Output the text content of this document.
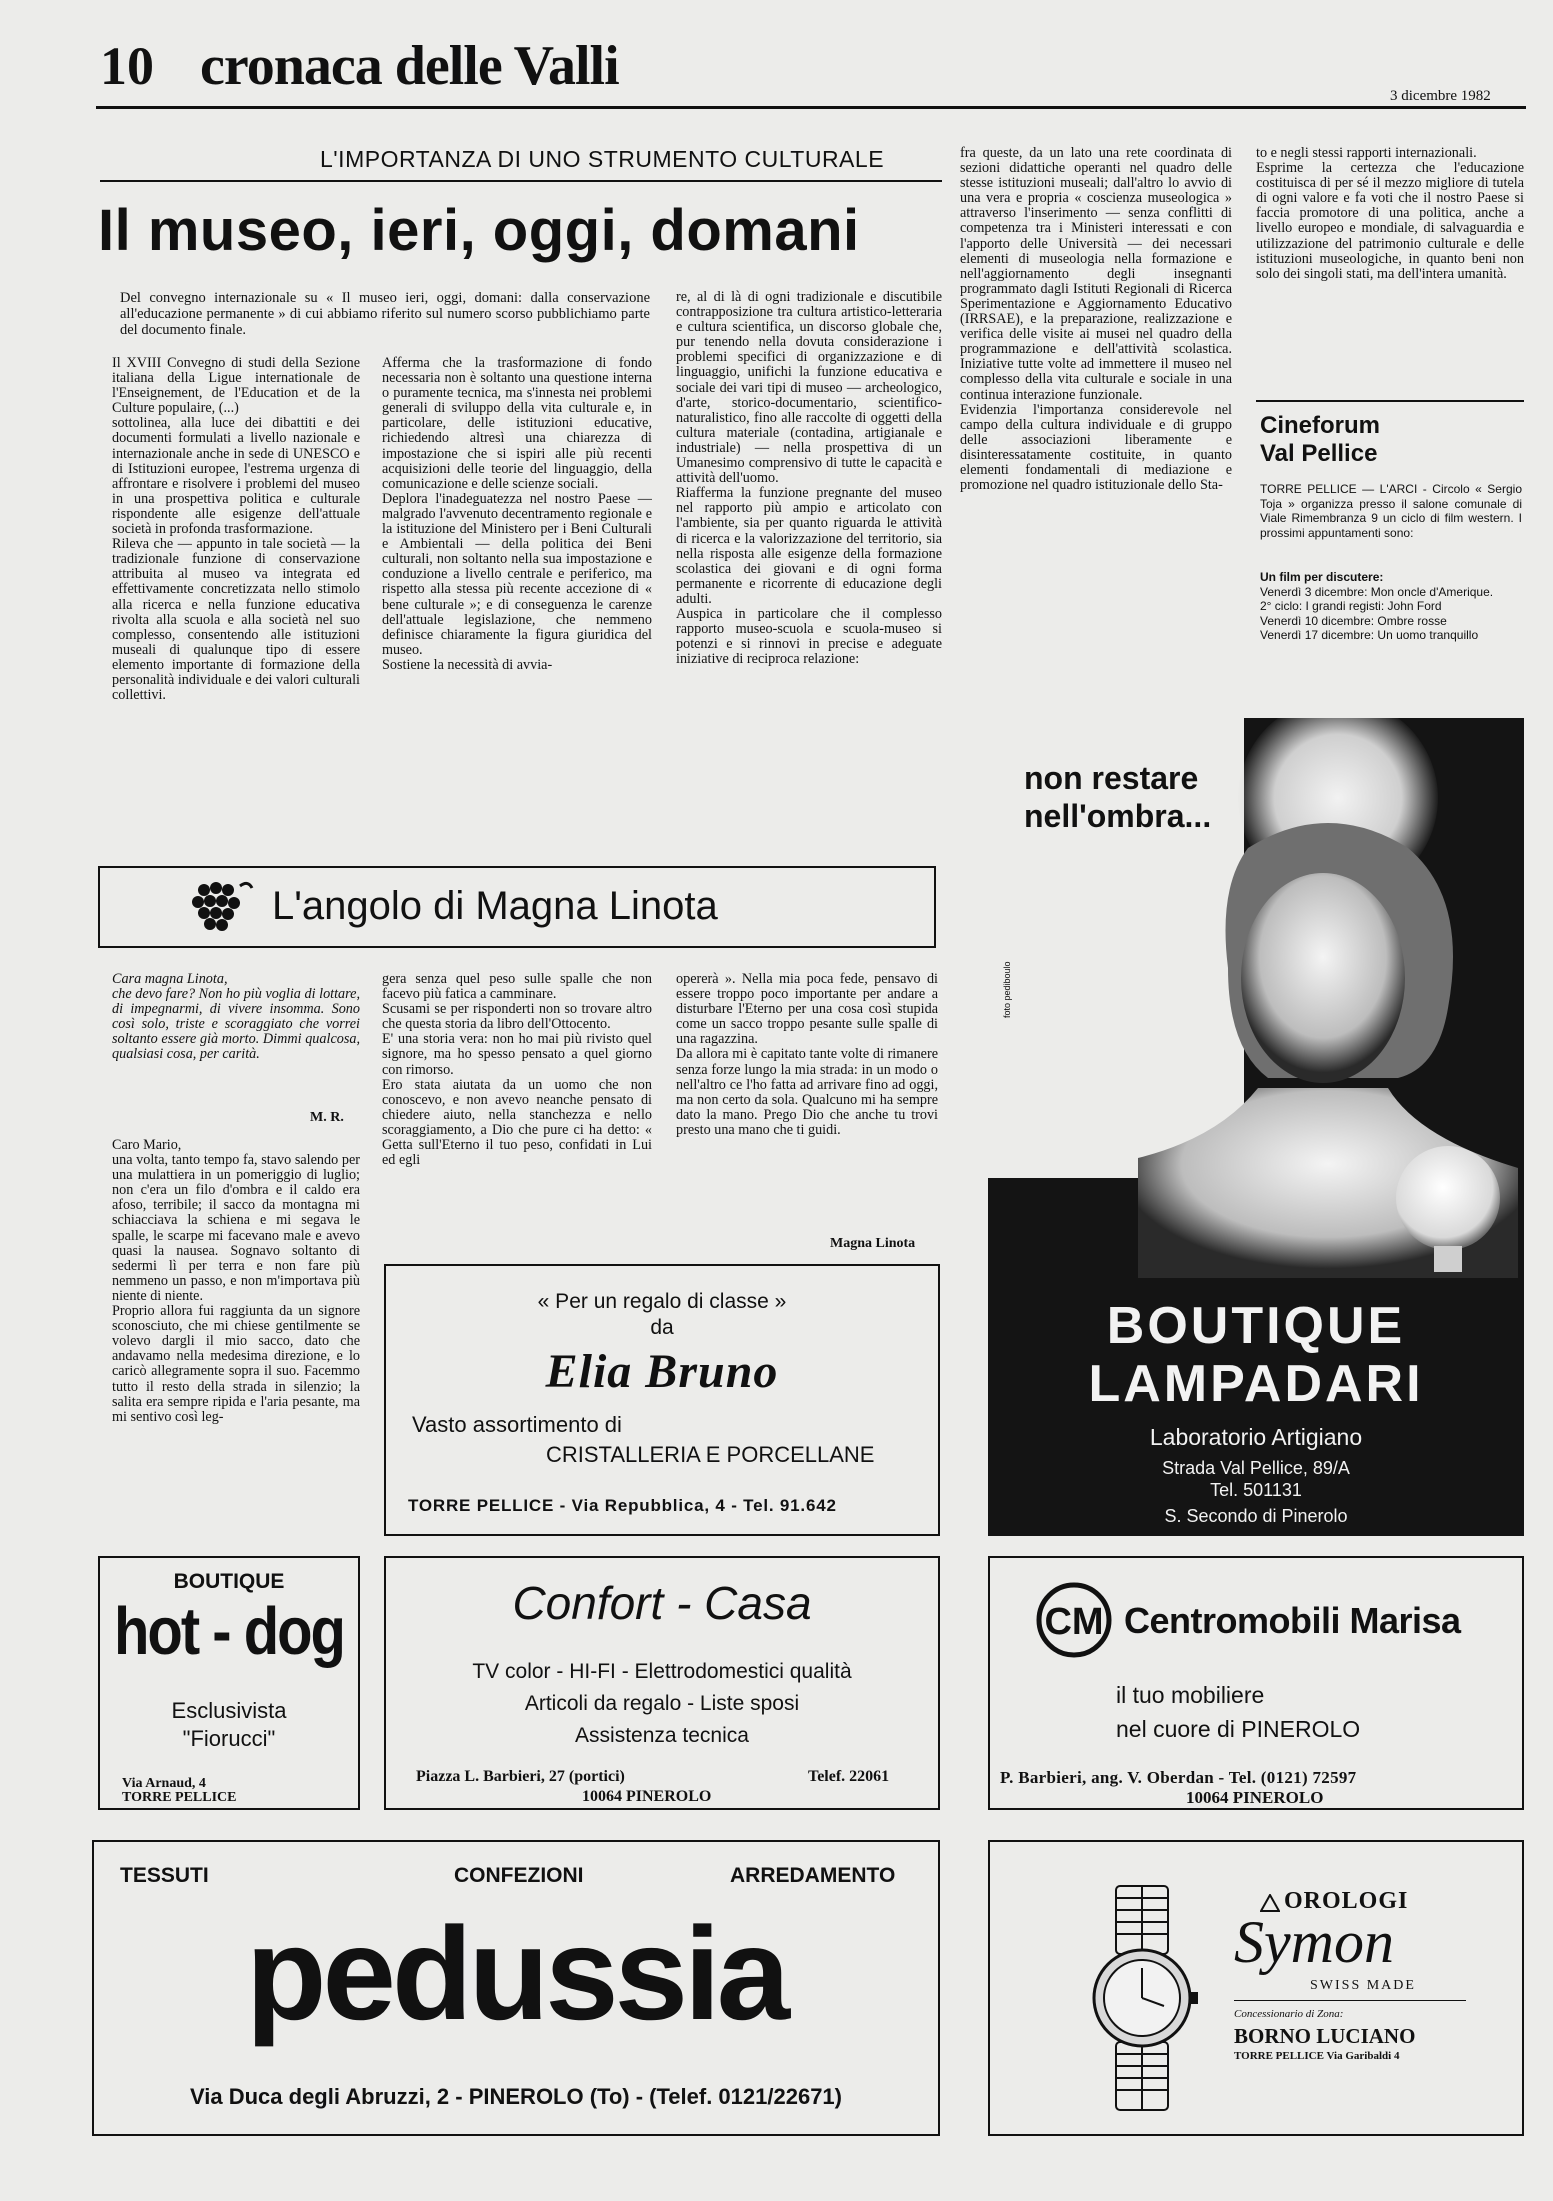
10 cronaca delle Valli	3 dicembre 1982
L'IMPORTANZA DI UNO STRUMENTO CULTURALE
Il museo, ieri, oggi, domani
Del convegno internazionale su « Il museo ieri, oggi, domani: dalla conservazione all'educazione permanente » di cui abbiamo riferito sul numero scorso pubblichiamo parte del documento finale.
Il XVIII Convegno di studi della Sezione italiana della Ligue internationale de l'Enseignement, de l'Education et de la Culture populaire, (...)
sottolinea, alla luce dei dibattiti e dei documenti formulati a livello nazionale e internazionale anche in sede di UNESCO e di Istituzioni europee, l'estrema urgenza di affrontare e risolvere i problemi del museo in una prospettiva politica e culturale rispondente alle esigenze dell'attuale società in profonda trasformazione.
Rileva che — appunto in tale società — la tradizionale funzione di conservazione attribuita al museo va integrata ed effettivamente concretizzata nello stimolo alla ricerca e nella funzione educativa rivolta alla scuola e alla società nel suo complesso, consentendo alle istituzioni museali di qualunque tipo di essere elemento importante di formazione della personalità individuale e dei valori culturali collettivi.
Afferma che la trasformazione di fondo necessaria non è soltanto una questione interna o puramente tecnica, ma s'innesta nei problemi generali di sviluppo della vita culturale e, in particolare, delle istituzioni educative, richiedendo altresì una chiarezza di impostazione che si ispiri alle più recenti acquisizioni delle teorie del linguaggio, della comunicazione e delle scienze sociali.
Deplora l'inadeguatezza nel nostro Paese — malgrado l'avvenuto decentramento regionale e la istituzione del Ministero per i Beni Culturali e Ambientali — della politica dei Beni culturali, non soltanto nella sua impostazione e conduzione a livello centrale e periferico, ma rispetto alla stessa più recente accezione di « bene culturale »; e di conseguenza le carenze dell'attuale legislazione, che nemmeno definisce chiaramente la figura giuridica del museo.
Sostiene la necessità di avvia-
re, al di là di ogni tradizionale e discutibile contrapposizione tra cultura artistico-letteraria e cultura scientifica, un discorso globale che, pur tenendo nella dovuta considerazione i problemi specifici di organizzazione e di linguaggio, unifichi la funzione educativa e sociale dei vari tipi di museo — archeologico, d'arte, storico-documentario, scientifico-naturalistico, fino alle raccolte di oggetti della cultura materiale (contadina, artigianale e industriale) — nella prospettiva di un Umanesimo comprensivo di tutte le capacità e attività dell'uomo.
Riafferma la funzione pregnante del museo nel rapporto più ampio e articolato con l'ambiente, sia per quanto riguarda le attività di ricerca e la valorizzazione del territorio, sia nella risposta alle esigenze della formazione scolastica dei giovani e di ogni forma permanente e ricorrente di educazione degli adulti.
Auspica in particolare che il complesso rapporto museo-scuola e scuola-museo si potenzi e si rinnovi in precise e adeguate iniziative di reciproca relazione:
fra queste, da un lato una rete coordinata di sezioni didattiche operanti nel quadro delle stesse istituzioni museali; dall'altro lo avvio di una vera e propria « coscienza museologica » attraverso l'inserimento — senza conflitti di competenza tra i Ministeri interessati e con l'apporto delle Università — dei necessari elementi di museologia nella formazione e nell'aggiornamento degli insegnanti programmato dagli Istituti Regionali di Ricerca Sperimentazione e Aggiornamento Educativo (IRRSAE), e la preparazione, realizzazione e verifica delle visite ai musei nel quadro della programmazione e dell'attività scolastica. Iniziative tutte volte ad immettere il museo nel complesso della vita culturale e sociale in una continua interazione funzionale.
Evidenzia l'importanza considerevole nel campo della cultura individuale e di gruppo delle associazioni liberamente e disinteressatamente costituite, in quanto elementi fondamentali di mediazione e promozione nel quadro istituzionale dello Sta-
to e negli stessi rapporti internazionali.
Esprime la certezza che l'educazione costituisca di per sé il mezzo migliore di tutela di ogni valore e fa voti che il nostro Paese si faccia promotore di una politica, anche a livello europeo e mondiale, di salvaguardia e utilizzazione del patrimonio culturale e delle istituzioni museologiche, in quanto beni non solo dei singoli stati, ma dell'intera umanità.
Cineforum
Val Pellice
TORRE PELLICE — L'ARCI - Circolo « Sergio Toja » organizza presso il salone comunale di Viale Rimembranza 9 un ciclo di film western. I prossimi appuntamenti sono:
Un film per discutere:
Venerdì 3 dicembre: Mon oncle d'Amerique.
2° ciclo: I grandi registi: John Ford
Venerdì 10 dicembre: Ombre rosse
Venerdì 17 dicembre: Un uomo tranquillo
L'angolo di Magna Linota
Cara magna Linota,
che devo fare? Non ho più voglia di lottare, di impegnarmi, di vivere insomma. Sono così solo, triste e scoraggiato che vorrei soltanto essere già morto. Dimmi qualcosa, qualsiasi cosa, per carità.
M. R.
Caro Mario,
una volta, tanto tempo fa, stavo salendo per una mulattiera in un pomeriggio di luglio; non c'era un filo d'ombra e il caldo era afoso, terribile; il sacco da montagna mi schiacciava la schiena e mi segava le spalle, le scarpe mi facevano male e avevo quasi la nausea. Sognavo soltanto di sedermi lì per terra e non fare più nemmeno un passo, e non m'importava più niente di niente.
Proprio allora fui raggiunta da un signore sconosciuto, che mi chiese gentilmente se volevo dargli il mio sacco, dato che andavamo nella medesima direzione, e lo caricò allegramente sopra il suo. Facemmo tutto il resto della strada in silenzio; la salita era sempre ripida e l'aria pesante, ma mi sentivo così leg-
gera senza quel peso sulle spalle che non facevo più fatica a camminare.
Scusami se per risponderti non so trovare altro che questa storia da libro dell'Ottocento.
E' una storia vera: non ho mai più rivisto quel signore, ma ho spesso pensato a quel giorno con rimorso.
Ero stata aiutata da un uomo che non conoscevo, e non avevo neanche pensato di chiedere aiuto, nella stanchezza e nello scoraggiamento, a Dio che pure ci ha detto: « Getta sull'Eterno il tuo peso, confidati in Lui ed egli
opererà ». Nella mia poca fede, pensavo di essere troppo poco importante per andare a disturbare l'Eterno per una cosa così stupida come un sacco troppo pesante sulle spalle di una ragazzina.
Da allora mi è capitato tante volte di rimanere senza forze lungo la mia strada: in un modo o nell'altro ce l'ho fatta ad arrivare fino ad oggi, ma non certo da sola. Qualcuno mi ha sempre dato la mano. Prego Dio che anche tu trovi presto una mano che ti guidi.
Magna Linota
« Per un regalo di classe »
da
Elia Bruno
Vasto assortimento di
CRISTALLERIA E PORCELLANE
TORRE PELLICE - Via Repubblica, 4 - Tel. 91.642
non restare
nell'ombra...
foto pediboulo
BOUTIQUE
LAMPADARI
Laboratorio Artigiano
Strada Val Pellice, 89/A
Tel. 501131
S. Secondo di Pinerolo
BOUTIQUE
hot - dog
Esclusivista
"Fiorucci"
Via Arnaud, 4
TORRE PELLICE
Confort - Casa
TV color - HI-FI - Elettrodomestici qualità
Articoli da regalo - Liste sposi
Assistenza tecnica
Piazza L. Barbieri, 27 (portici)	Telef. 22061
10064 PINEROLO
CM Centromobili Marisa
il tuo mobiliere
nel cuore di PINEROLO
P. Barbieri, ang. V. Oberdan - Tel. (0121) 72597
10064 PINEROLO
TESSUTI	CONFEZIONI	ARREDAMENTO
pedussia
Via Duca degli Abruzzi, 2 - PINEROLO (To) - (Telef. 0121/22671)
OROLOGI
Symon
SWISS MADE
Concessionario di Zona:
BORNO LUCIANO
TORRE PELLICE Via Garibaldi 4
